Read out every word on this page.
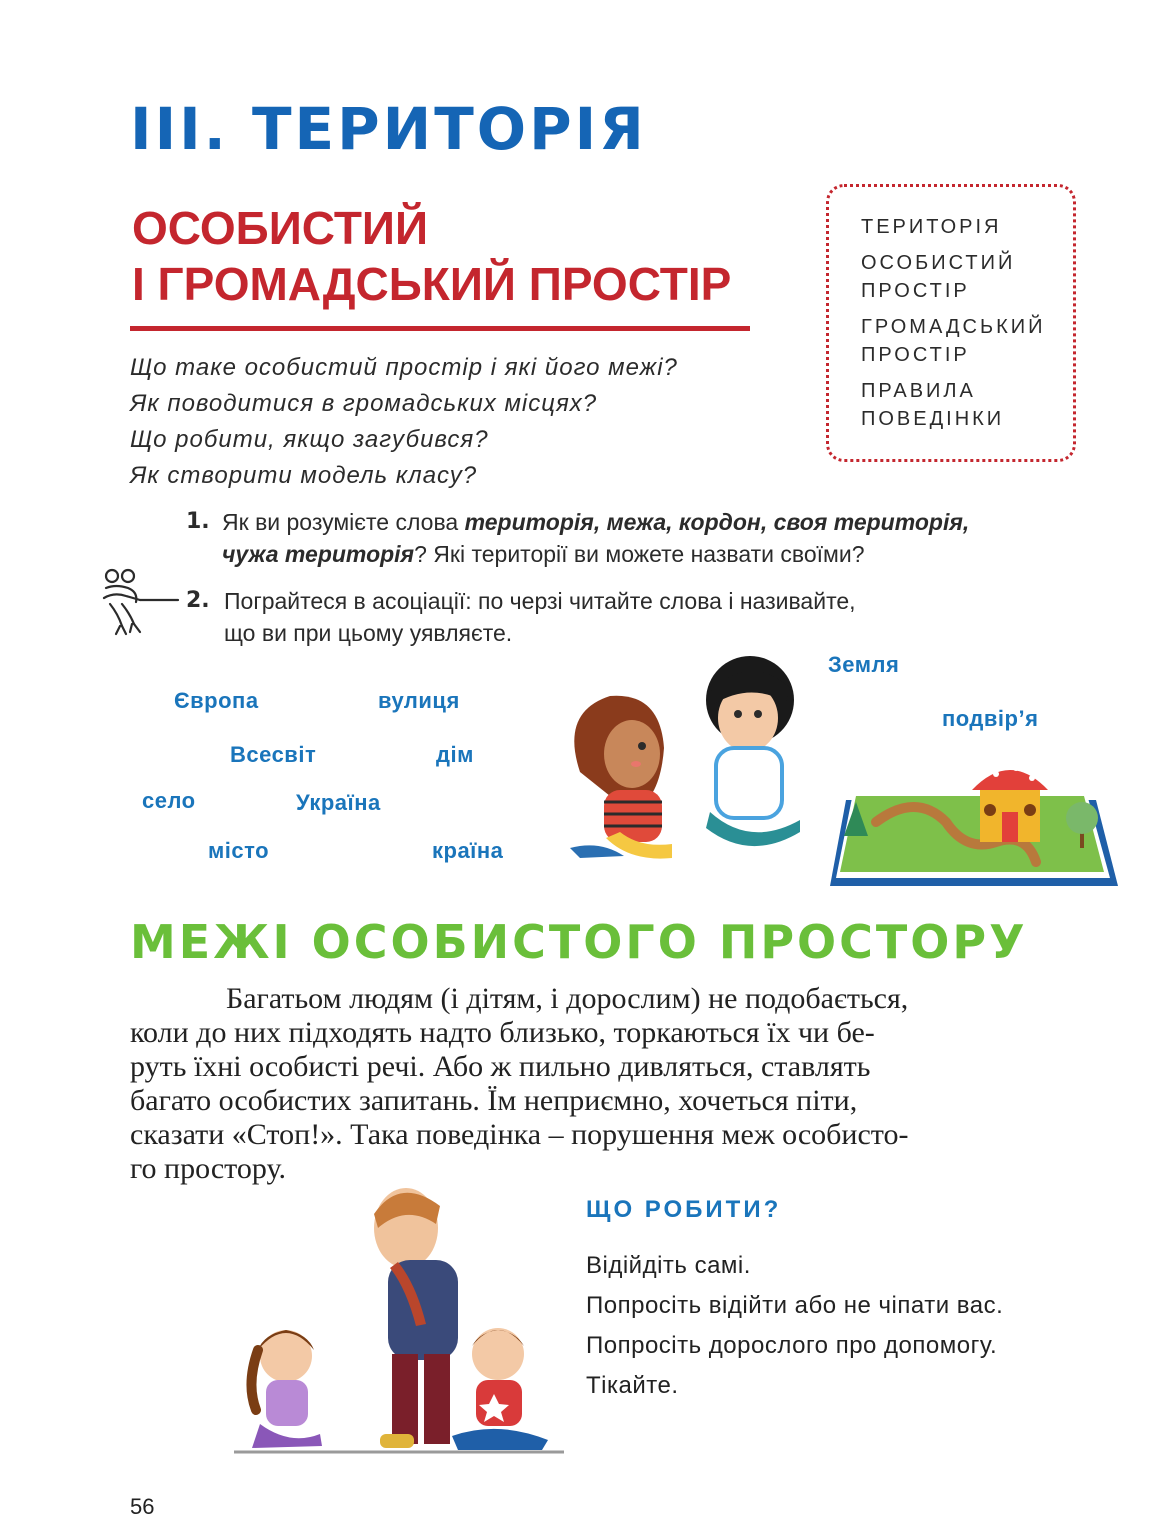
III. ТЕРИТОРІЯ
ОСОБИСТИЙ
І ГРОМАДСЬКИЙ ПРОСТІР
Що таке особистий простір і які його межі?
Як поводитися в громадських місцях?
Що робити, якщо загубився?
Як створити модель класу?
ТЕРИТОРІЯ
ОСОБИСТИЙ
ПРОСТІР
ГРОМАДСЬКИЙ
ПРОСТІР
ПРАВИЛА
ПОВЕДІНКИ
1. Як ви розумієте слова територія, межа, кордон, своя територія,
чужа територія? Які території ви можете назвати своїми?
2. Пограйтеся в асоціації: по черзі читайте слова і називайте,
що ви при цьому уявляєте.
Європа	вулиця
Всесвіт	дім
село	Україна
місто	країна
Земля
подвір’я
МЕЖІ ОСОБИСТОГО ПРОСТОРУ
Багатьом людям (і дітям, і дорослим) не подобається,
коли до них підходять надто близько, торкаються їх чи бе-
руть їхні особисті речі. Або ж пильно дивляться, ставлять
багато особистих запитань. Їм неприємно, хочеться піти,
сказати «Стоп!». Така поведінка – порушення меж особисто-
го простору.
ЩО РОБИТИ?
Відійдіть самі.
Попросіть відійти або не чіпати вас.
Попросіть дорослого про допомогу.
Тікайте.
56
